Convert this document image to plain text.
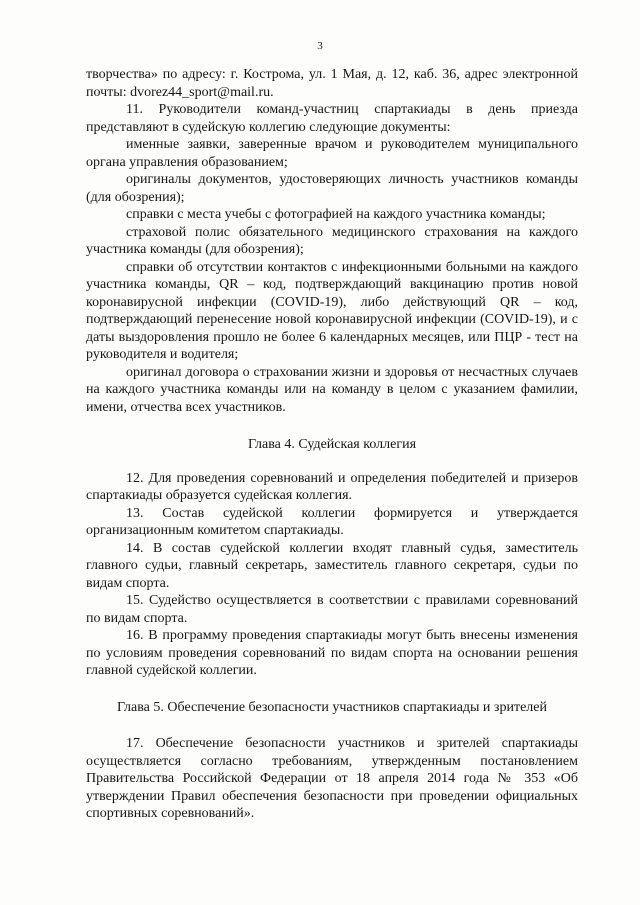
3

творчества» по адресу: г. Кострома, ул. 1 Мая, д. 12, каб. 36, адрес электронной почты: dvorez44_sport@mail.ru.

11. Руководители команд-участниц спартакиады в день приезда представляют в судейскую коллегию следующие документы:

именные заявки, заверенные врачом и руководителем муниципального органа управления образованием;

оригиналы документов, удостоверяющих личность участников команды (для обозрения);

справки с места учебы с фотографией на каждого участника команды;

страховой полис обязательного медицинского страхования на каждого участника команды (для обозрения);

справки об отсутствии контактов с инфекционными больными на каждого участника команды, QR – код, подтверждающий вакцинацию против новой коронавирусной инфекции (COVID-19), либо действующий QR – код, подтверждающий перенесение новой коронавирусной инфекции (COVID-19), и с даты выздоровления прошло не более 6 календарных месяцев, или ПЦР - тест на руководителя и водителя;

оригинал договора о страховании жизни и здоровья от несчастных случаев на каждого участника команды или на команду в целом с указанием фамилии, имени, отчества всех участников.

Глава 4. Судейская коллегия

12. Для проведения соревнований и определения победителей и призеров спартакиады образуется судейская коллегия.

13. Состав судейской коллегии формируется и утверждается организационным комитетом спартакиады.

14. В состав судейской коллегии входят главный судья, заместитель главного судьи, главный секретарь, заместитель главного секретаря, судьи по видам спорта.

15. Судейство осуществляется в соответствии с правилами соревнований по видам спорта.

16. В программу проведения спартакиады могут быть внесены изменения по условиям проведения соревнований по видам спорта на основании решения главной судейской коллегии.

Глава 5. Обеспечение безопасности участников спартакиады и зрителей

17. Обеспечение безопасности участников и зрителей спартакиады осуществляется согласно требованиям, утвержденным постановлением Правительства Российской Федерации от 18 апреля 2014 года № 353 «Об утверждении Правил обеспечения безопасности при проведении официальных спортивных соревнований».
